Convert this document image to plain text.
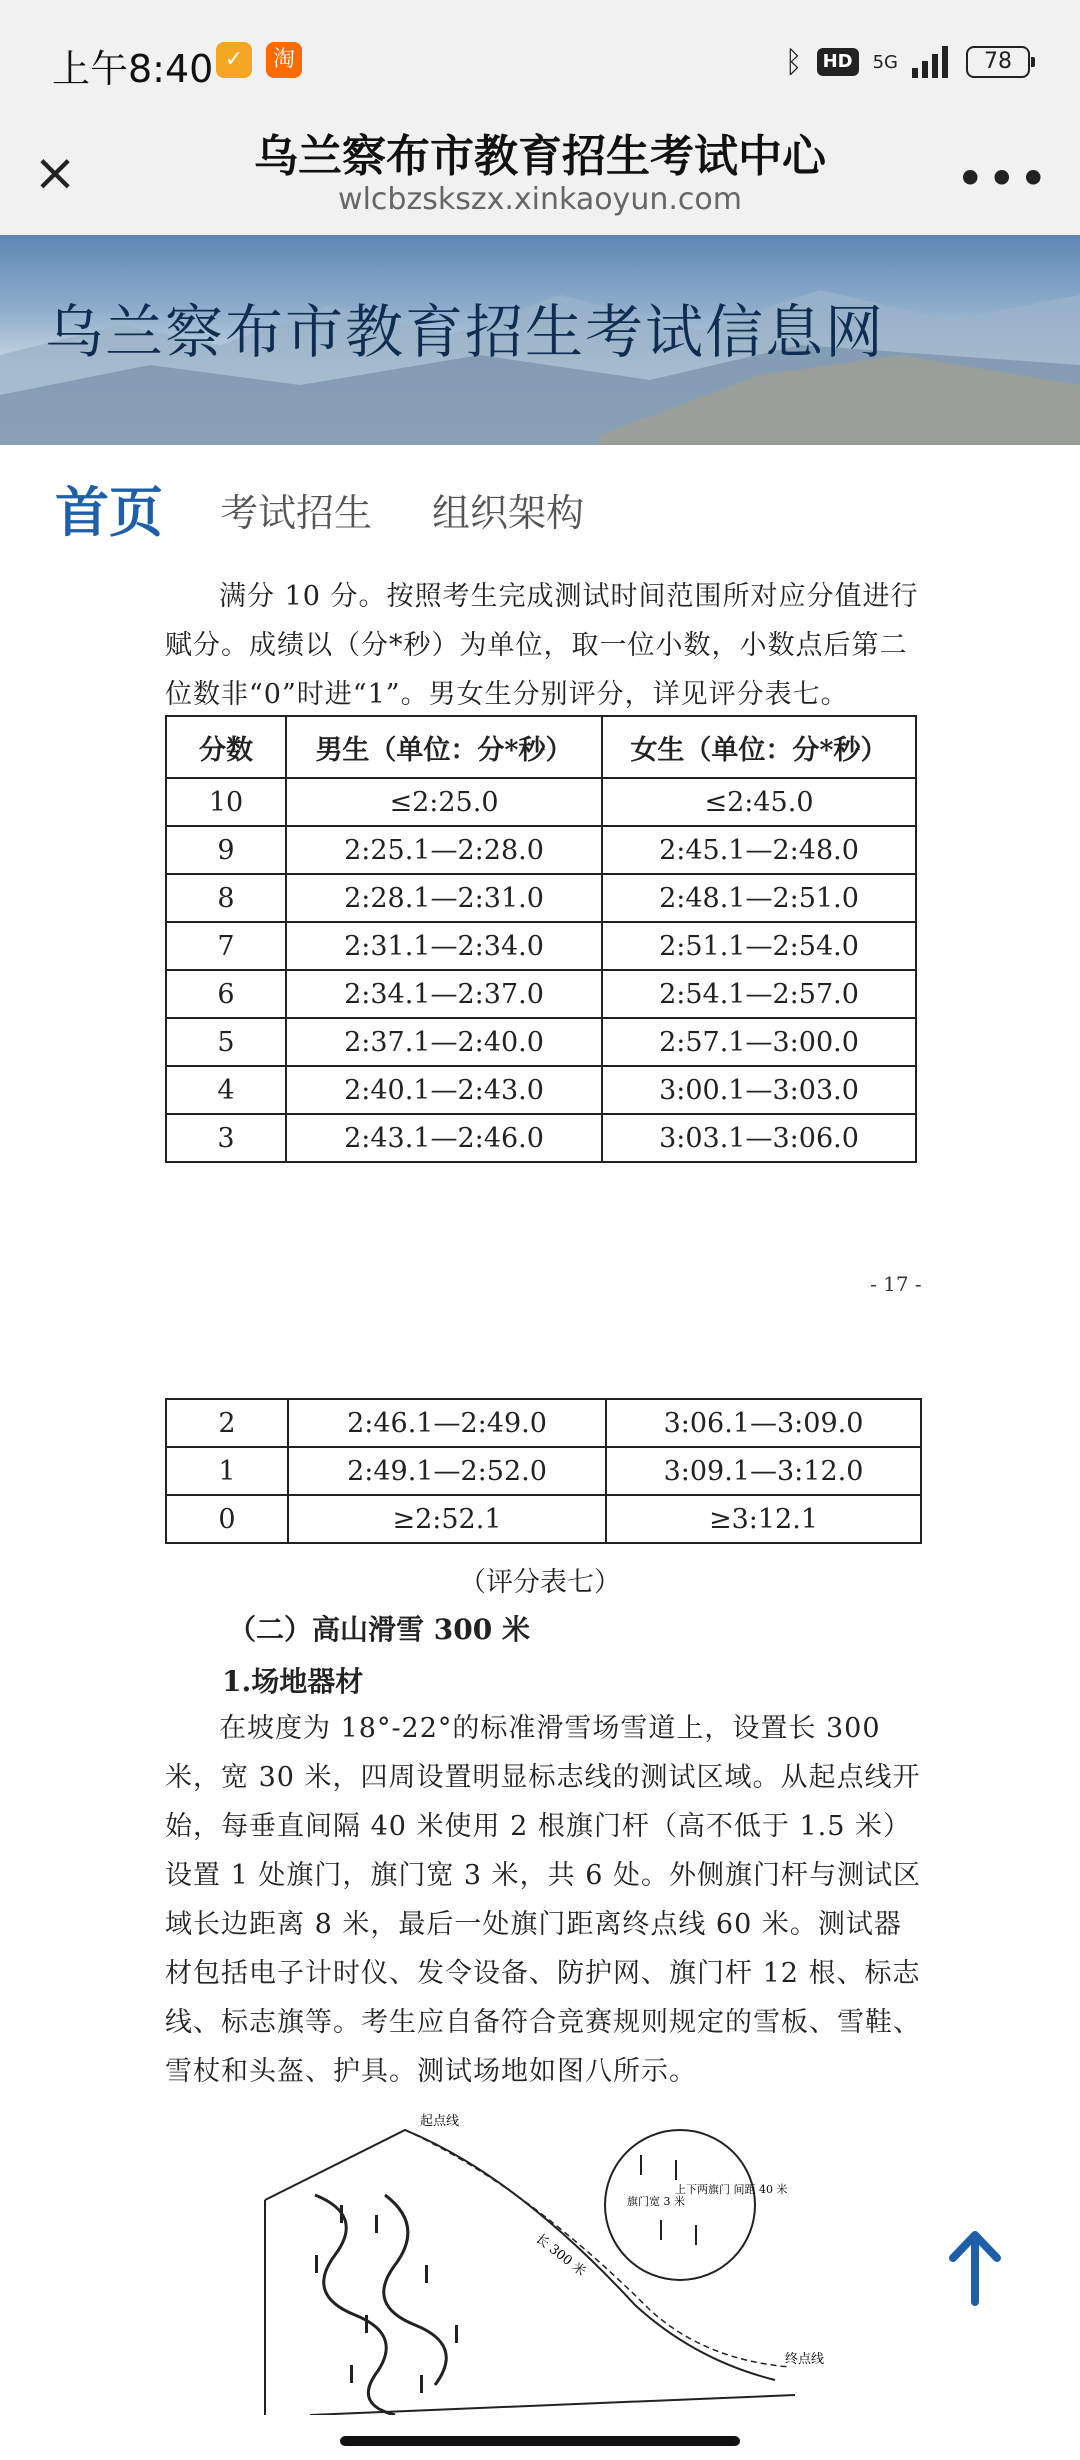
上午8:40 ✓	淘	ᛒ	HD	5G	78
×	乌兰察布市教育招生考试中心
wlcbzskszx.xinkaoyun.com	•••
乌兰察布市教育招生考试信息网
首页 考试招生 组织架构
满分 10 分。按照考生完成测试时间范围所对应分值进行赋分。成绩以（分*秒）为单位，取一位小数，小数点后第二位数非“0”时进“1”。男女生分别评分，详见评分表七。
分数	男生（单位：分*秒）	女生（单位：分*秒）
10	≤2:25.0	≤2:45.0
9	2:25.1—2:28.0	2:45.1—2:48.0
8	2:28.1—2:31.0	2:48.1—2:51.0
7	2:31.1—2:34.0	2:51.1—2:54.0
6	2:34.1—2:37.0	2:54.1—2:57.0
5	2:37.1—2:40.0	2:57.1—3:00.0
4	2:40.1—2:43.0	3:00.1—3:03.0
3	2:43.1—2:46.0	3:03.1—3:06.0
- 17 -
2	2:46.1—2:49.0	3:06.1—3:09.0
1	2:49.1—2:52.0	3:09.1—3:12.0
0	≥2:52.1	≥3:12.1
（评分表七）
（二）高山滑雪 300 米
1.场地器材
在坡度为 18°-22°的标准滑雪场雪道上，设置长 300 米，宽 30 米，四周设置明显标志线的测试区域。从起点线开始，每垂直间隔 40 米使用 2 根旗门杆（高不低于 1.5 米）设置 1 处旗门，旗门宽 3 米，共 6 处。外侧旗门杆与测试区域长边距离 8 米，最后一处旗门距离终点线 60 米。测试器材包括电子计时仪、发令设备、防护网、旗门杆 12 根、标志线、标志旗等。考生应自备符合竞赛规则规定的雪板、雪鞋、雪杖和头盔、护具。测试场地如图八所示。
起点线
终点线
长 300 米
旗门宽 3 米
上下两旗门 间距 40 米
